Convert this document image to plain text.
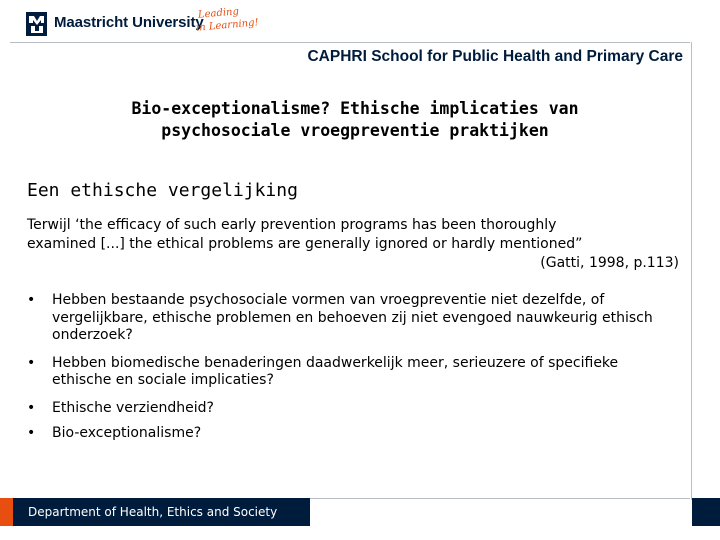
Maastricht University
Leading
in Learning!
CAPHRI School for Public Health and Primary Care
Bio-exceptionalisme? Ethische implicaties van
psychosociale vroegpreventie praktijken
Een ethische vergelijking
Terwijl ‘the efficacy of such early prevention programs has been thoroughly
examined [...] the ethical problems are generally ignored or hardly mentioned”
(Gatti, 1998, p.113)
• Hebben bestaande psychosociale vormen van vroegpreventie niet dezelfde, of vergelijkbare, ethische problemen en behoeven zij niet evengoed nauwkeurig ethisch onderzoek?
• Hebben biomedische benaderingen daadwerkelijk meer, serieuzere of specifieke ethische en sociale implicaties?
• Ethische verziendheid?
• Bio-exceptionalisme?
Department of Health, Ethics and Society
